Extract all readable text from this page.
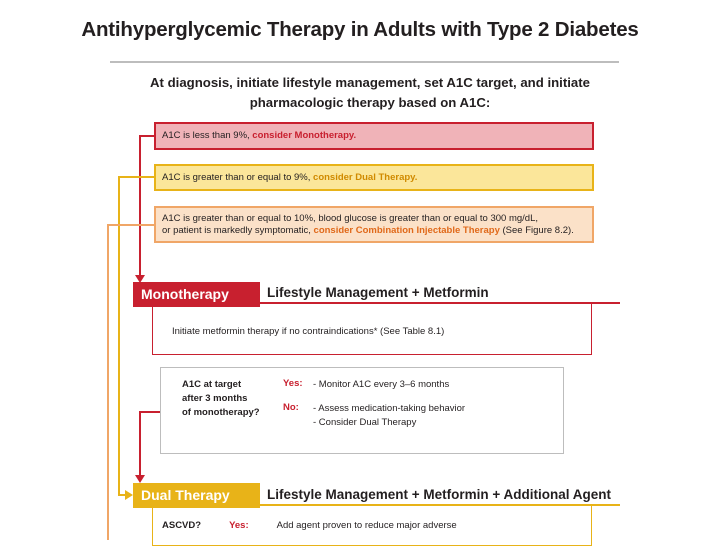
Antihyperglycemic Therapy in Adults with Type 2 Diabetes
At diagnosis, initiate lifestyle management, set A1C target, and initiate
pharmacologic therapy based on A1C:
A1C is less than 9%, consider Monotherapy.
A1C is greater than or equal to 9%, consider Dual Therapy.
A1C is greater than or equal to 10%, blood glucose is greater than or equal to 300 mg/dL,
or patient is markedly symptomatic, consider Combination Injectable Therapy (See Figure 8.2).
Monotherapy	Lifestyle Management + Metformin
Initiate metformin therapy if no contraindications* (See Table 8.1)
A1C at target
after 3 months
of monotherapy?
Yes: - Monitor A1C every 3–6 months
No: - Assess medication-taking behavior
- Consider Dual Therapy
Dual Therapy	Lifestyle Management + Metformin + Additional Agent
ASCVD?	Yes:	Add agent proven to reduce major adverse
